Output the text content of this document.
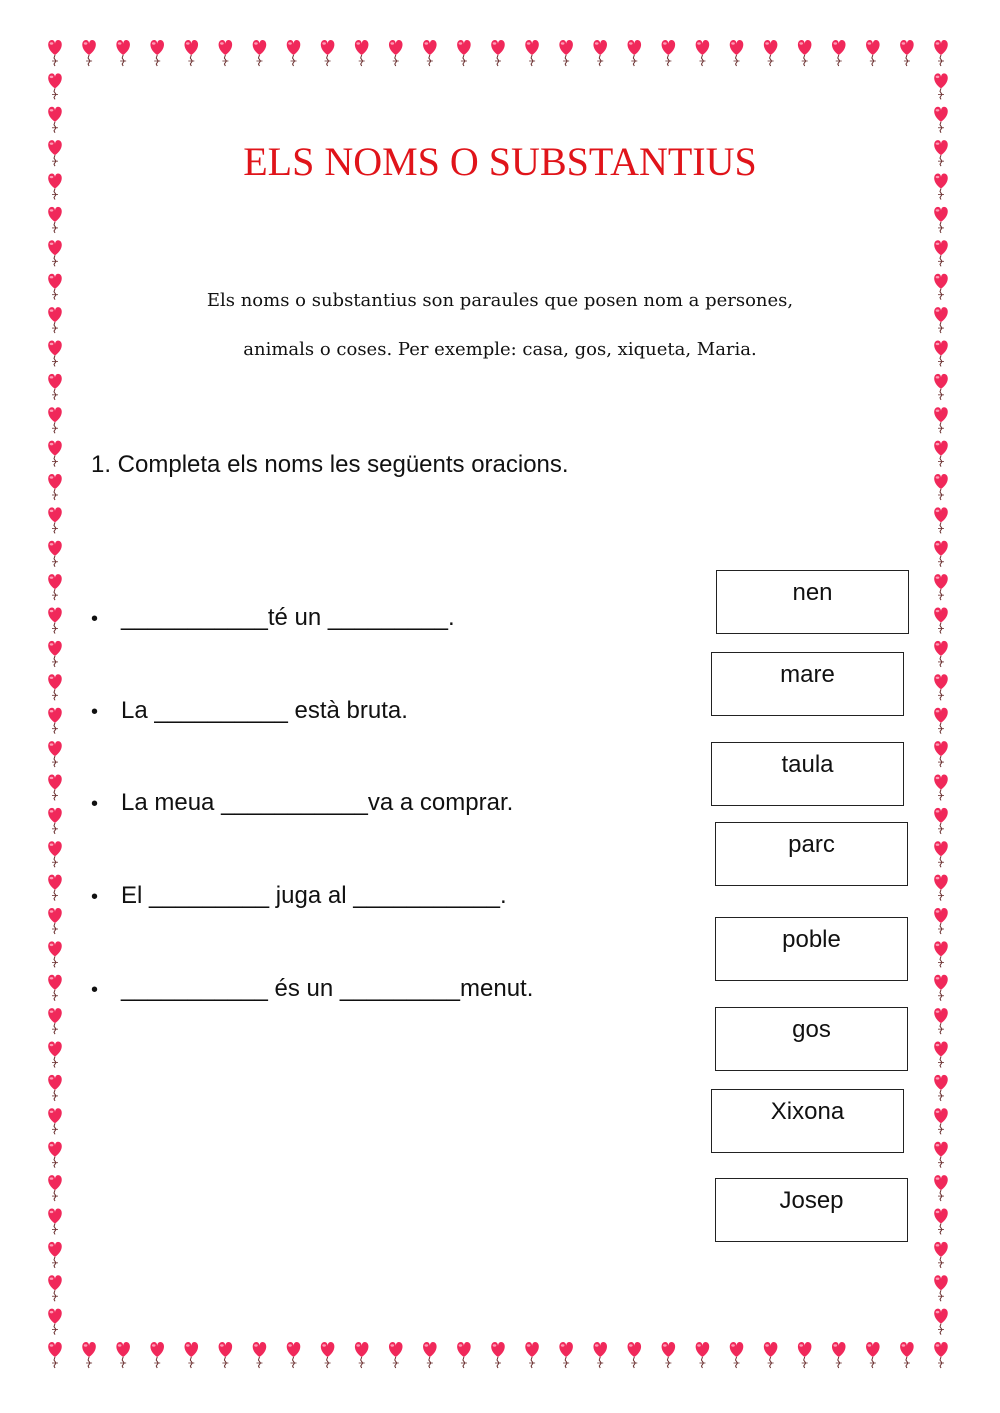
ELS NOMS O SUBSTANTIUS

Els noms o substantius son paraules que posen nom a persones,

animals o coses. Per exemple: casa, gos, xiqueta, Maria.

1. Completa els noms les següents oracions.

• ___________té un _________.
• La __________ està bruta.
• La meua ___________va a comprar.
• El _________ juga al ___________.
• ___________ és un _________menut.
nen
mare
taula
parc
poble
gos
Xixona
Josep
